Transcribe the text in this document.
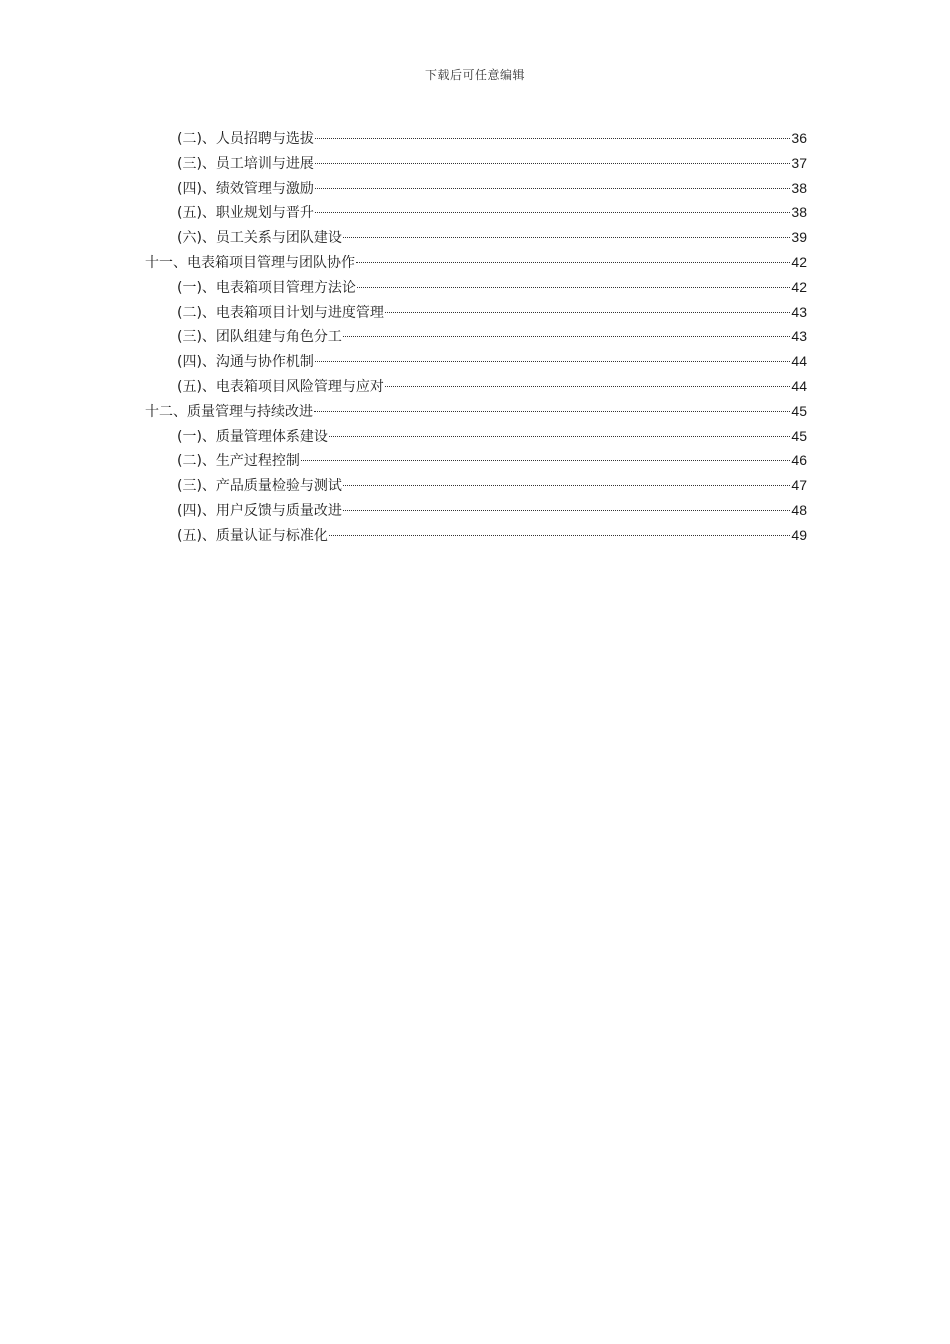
下载后可任意编辑
(二)、人员招聘与选拔	36
(三)、员工培训与进展	37
(四)、绩效管理与激励	38
(五)、职业规划与晋升	38
(六)、员工关系与团队建设	39
十一、电表箱项目管理与团队协作	42
(一)、电表箱项目管理方法论	42
(二)、电表箱项目计划与进度管理	43
(三)、团队组建与角色分工	43
(四)、沟通与协作机制	44
(五)、电表箱项目风险管理与应对	44
十二、质量管理与持续改进	45
(一)、质量管理体系建设	45
(二)、生产过程控制	46
(三)、产品质量检验与测试	47
(四)、用户反馈与质量改进	48
(五)、质量认证与标准化	49
